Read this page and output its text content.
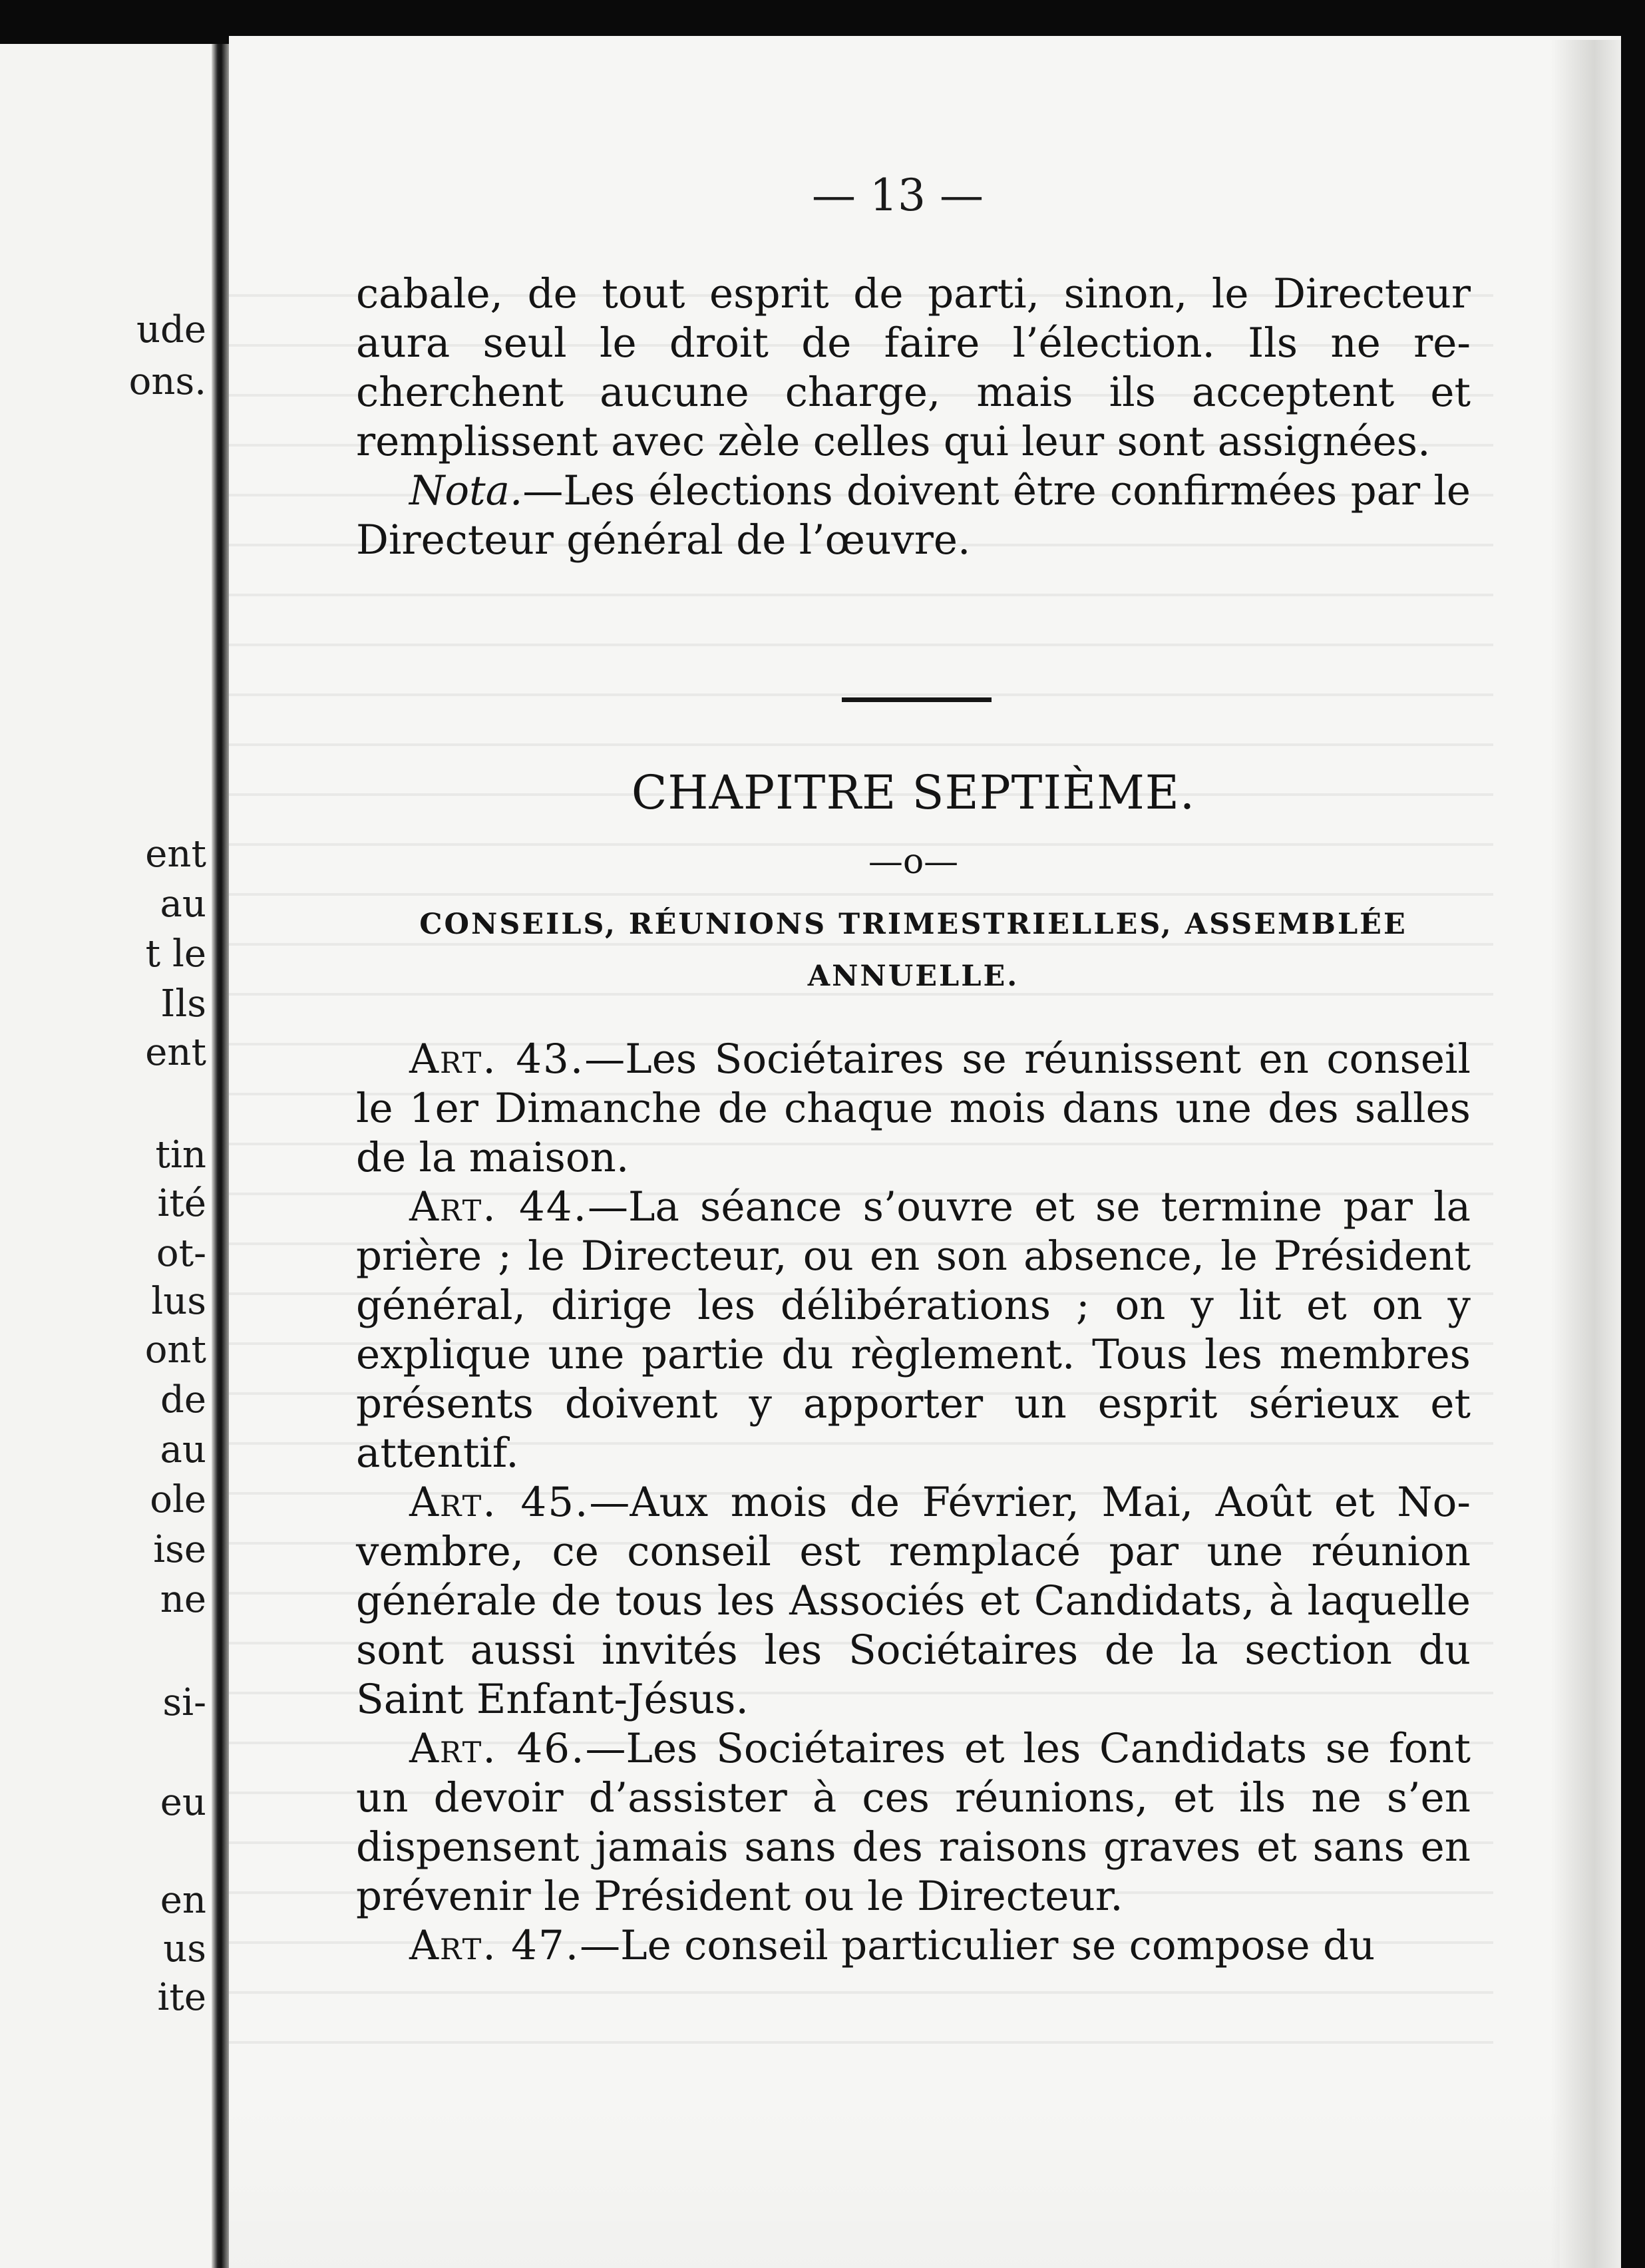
ude
ons.
ent
au
t le
Ils
ent
tin
ité
ot-
lus
ont
de
au
ole
ise
ne
si-
eu
en
us
ite
— 13 —

cabale, de tout esprit de parti, sinon, le Directeur aura seul le droit de faire l’élection. Ils ne recherchent aucune charge, mais ils acceptent et remplissent avec zèle celles qui leur sont assignées.

Nota.—Les élections doivent être confirmées par le Directeur général de l’œuvre.

CHAPITRE SEPTIÈME.
—o—
CONSEILS, RÉUNIONS TRIMESTRIELLES, ASSEMBLÉE ANNUELLE.

Art. 43.—Les Sociétaires se réunissent en conseil le 1er Dimanche de chaque mois dans une des salles de la maison.

Art. 44.—La séance s’ouvre et se termine par la prière ; le Directeur, ou en son absence, le Président général, dirige les délibérations ; on y lit et on y explique une partie du règlement. Tous les membres présents doivent y apporter un esprit sérieux et attentif.

Art. 45.—Aux mois de Février, Mai, Août et Novembre, ce conseil est remplacé par une réunion générale de tous les Associés et Candidats, à laquelle sont aussi invités les Sociétaires de la section du Saint Enfant-Jésus.

Art. 46.—Les Sociétaires et les Candidats se font un devoir d’assister à ces réunions, et ils ne s’en dispensent jamais sans des raisons graves et sans en prévenir le Président ou le Directeur.

Art. 47.—Le conseil particulier se compose du
